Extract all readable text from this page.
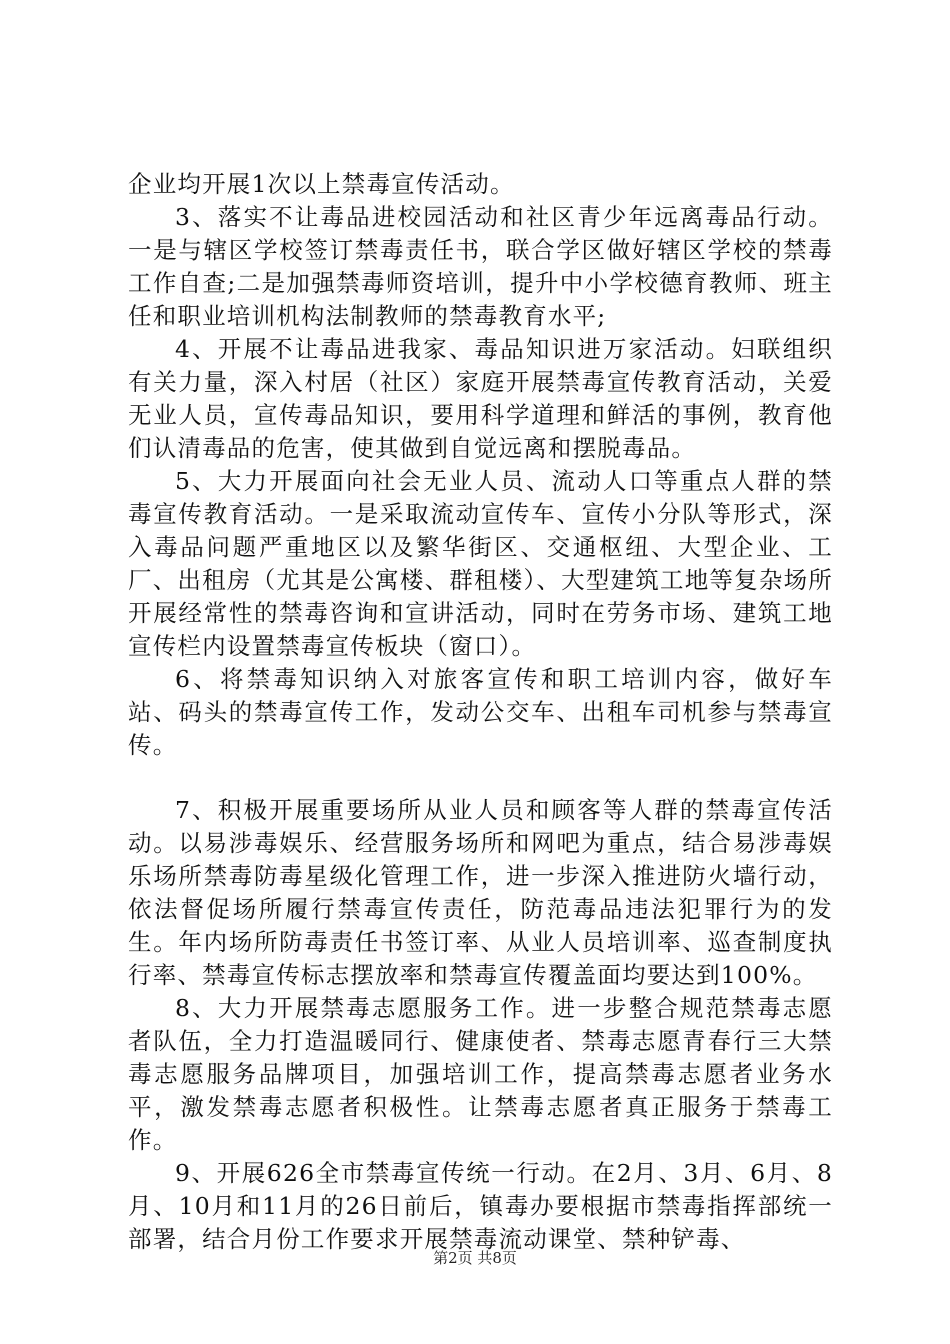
企业均开展1次以上禁毒宣传活动。

3、落实不让毒品进校园活动和社区青少年远离毒品行动。一是与辖区学校签订禁毒责任书，联合学区做好辖区学校的禁毒工作自查;二是加强禁毒师资培训，提升中小学校德育教师、班主任和职业培训机构法制教师的禁毒教育水平;

4、开展不让毒品进我家、毒品知识进万家活动。妇联组织有关力量，深入村居（社区）家庭开展禁毒宣传教育活动，关爱无业人员，宣传毒品知识，要用科学道理和鲜活的事例，教育他们认清毒品的危害，使其做到自觉远离和摆脱毒品。

5、大力开展面向社会无业人员、流动人口等重点人群的禁毒宣传教育活动。一是采取流动宣传车、宣传小分队等形式，深入毒品问题严重地区以及繁华街区、交通枢纽、大型企业、工厂、出租房（尤其是公寓楼、群租楼）、大型建筑工地等复杂场所开展经常性的禁毒咨询和宣讲活动，同时在劳务市场、建筑工地宣传栏内设置禁毒宣传板块（窗口）。

6、将禁毒知识纳入对旅客宣传和职工培训内容，做好车站、码头的禁毒宣传工作，发动公交车、出租车司机参与禁毒宣传。

7、积极开展重要场所从业人员和顾客等人群的禁毒宣传活动。以易涉毒娱乐、经营服务场所和网吧为重点，结合易涉毒娱乐场所禁毒防毒星级化管理工作，进一步深入推进防火墙行动，依法督促场所履行禁毒宣传责任，防范毒品违法犯罪行为的发生。年内场所防毒责任书签订率、从业人员培训率、巡查制度执行率、禁毒宣传标志摆放率和禁毒宣传覆盖面均要达到100%。

8、大力开展禁毒志愿服务工作。进一步整合规范禁毒志愿者队伍，全力打造温暖同行、健康使者、禁毒志愿青春行三大禁毒志愿服务品牌项目，加强培训工作，提高禁毒志愿者业务水平，激发禁毒志愿者积极性。让禁毒志愿者真正服务于禁毒工作。

9、开展626全市禁毒宣传统一行动。在2月、3月、6月、8月、10月和11月的26日前后，镇毒办要根据市禁毒指挥部统一部署，结合月份工作要求开展禁毒流动课堂、禁种铲毒、

第2页 共8页
